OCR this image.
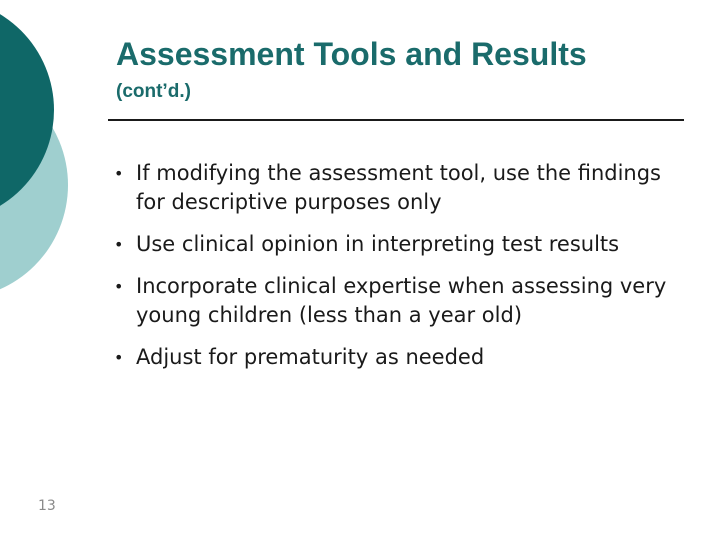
Assessment Tools and Results
(cont’d.)
• If modifying the assessment tool, use the findings for descriptive purposes only
• Use clinical opinion in interpreting test results
• Incorporate clinical expertise when assessing very young children (less than a year old)
• Adjust for prematurity as needed
13
